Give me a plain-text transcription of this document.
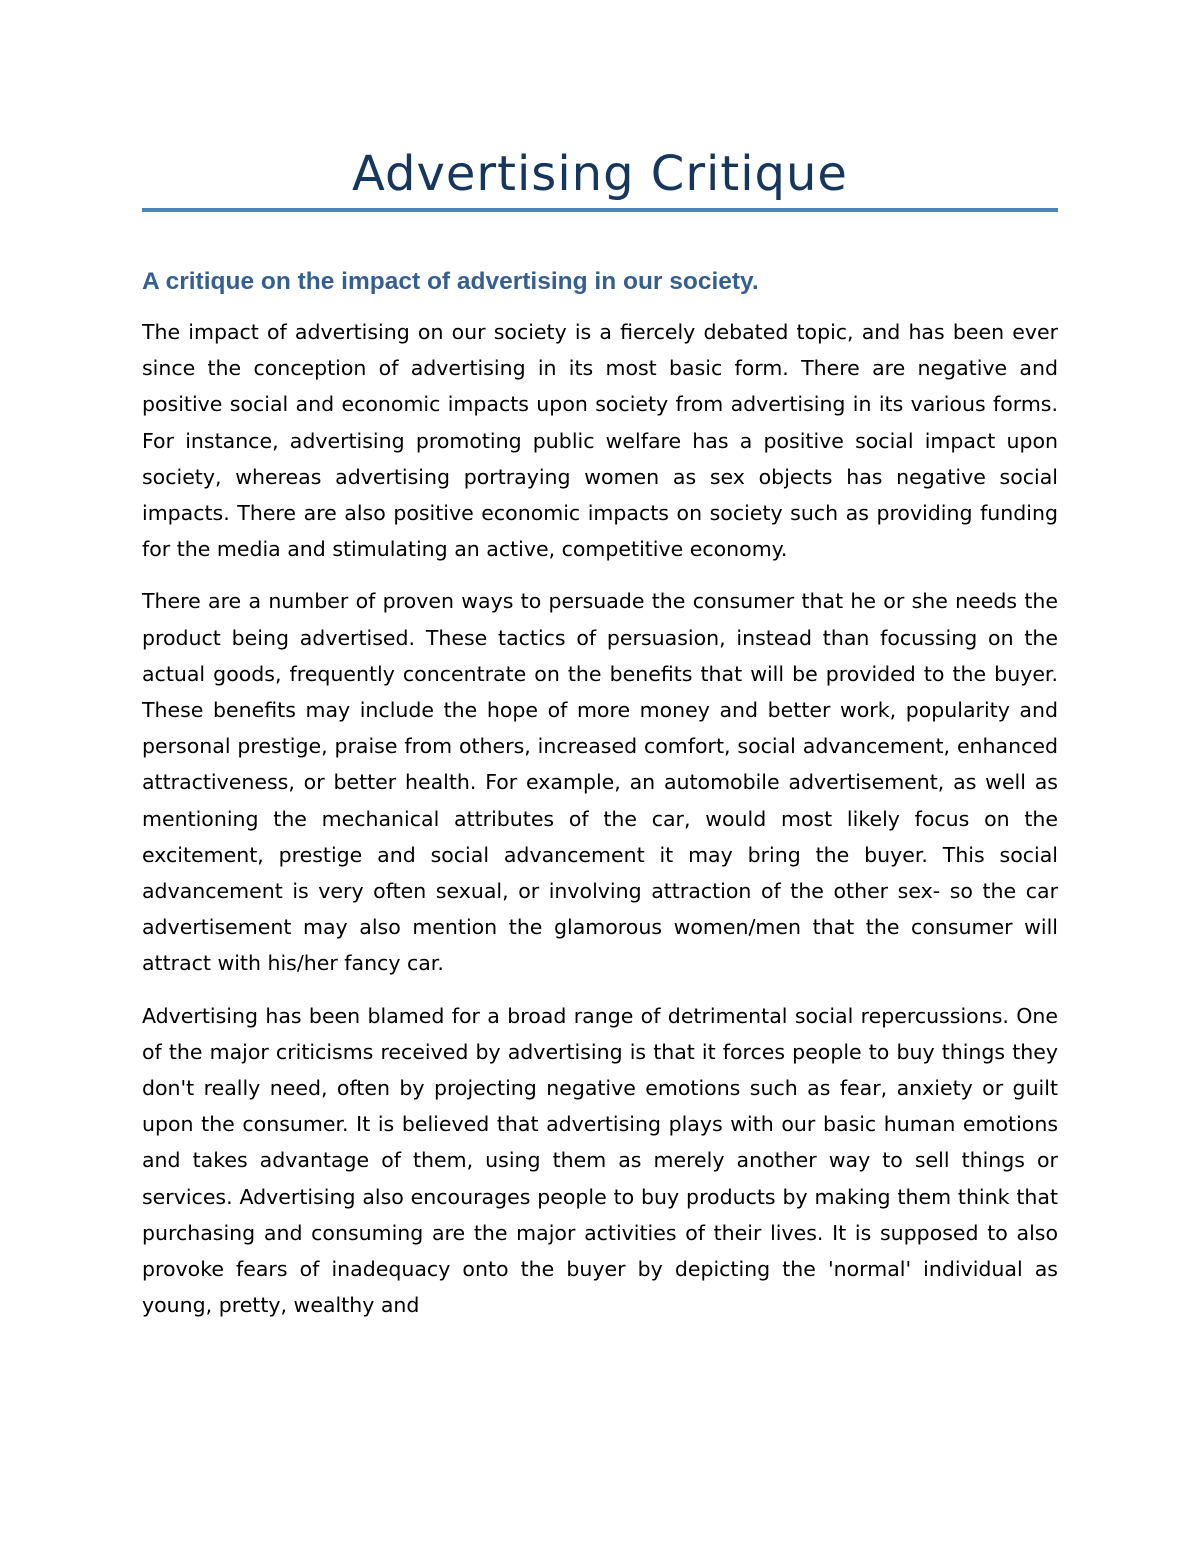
Advertising Critique
A critique on the impact of advertising in our society.

The impact of advertising on our society is a fiercely debated topic, and has been ever since the conception of advertising in its most basic form. There are negative and positive social and economic impacts upon society from advertising in its various forms. For instance, advertising promoting public welfare has a positive social impact upon society, whereas advertising portraying women as sex objects has negative social impacts. There are also positive economic impacts on society such as providing funding for the media and stimulating an active, competitive economy.

There are a number of proven ways to persuade the consumer that he or she needs the product being advertised. These tactics of persuasion, instead than focussing on the actual goods, frequently concentrate on the benefits that will be provided to the buyer. These benefits may include the hope of more money and better work, popularity and personal prestige, praise from others, increased comfort, social advancement, enhanced attractiveness, or better health. For example, an automobile advertisement, as well as mentioning the mechanical attributes of the car, would most likely focus on the excitement, prestige and social advancement it may bring the buyer. This social advancement is very often sexual, or involving attraction of the other sex- so the car advertisement may also mention the glamorous women/men that the consumer will attract with his/her fancy car.

Advertising has been blamed for a broad range of detrimental social repercussions. One of the major criticisms received by advertising is that it forces people to buy things they don't really need, often by projecting negative emotions such as fear, anxiety or guilt upon the consumer. It is believed that advertising plays with our basic human emotions and takes advantage of them, using them as merely another way to sell things or services. Advertising also encourages people to buy products by making them think that purchasing and consuming are the major activities of their lives. It is supposed to also provoke fears of inadequacy onto the buyer by depicting the 'normal' individual as young, pretty, wealthy and
